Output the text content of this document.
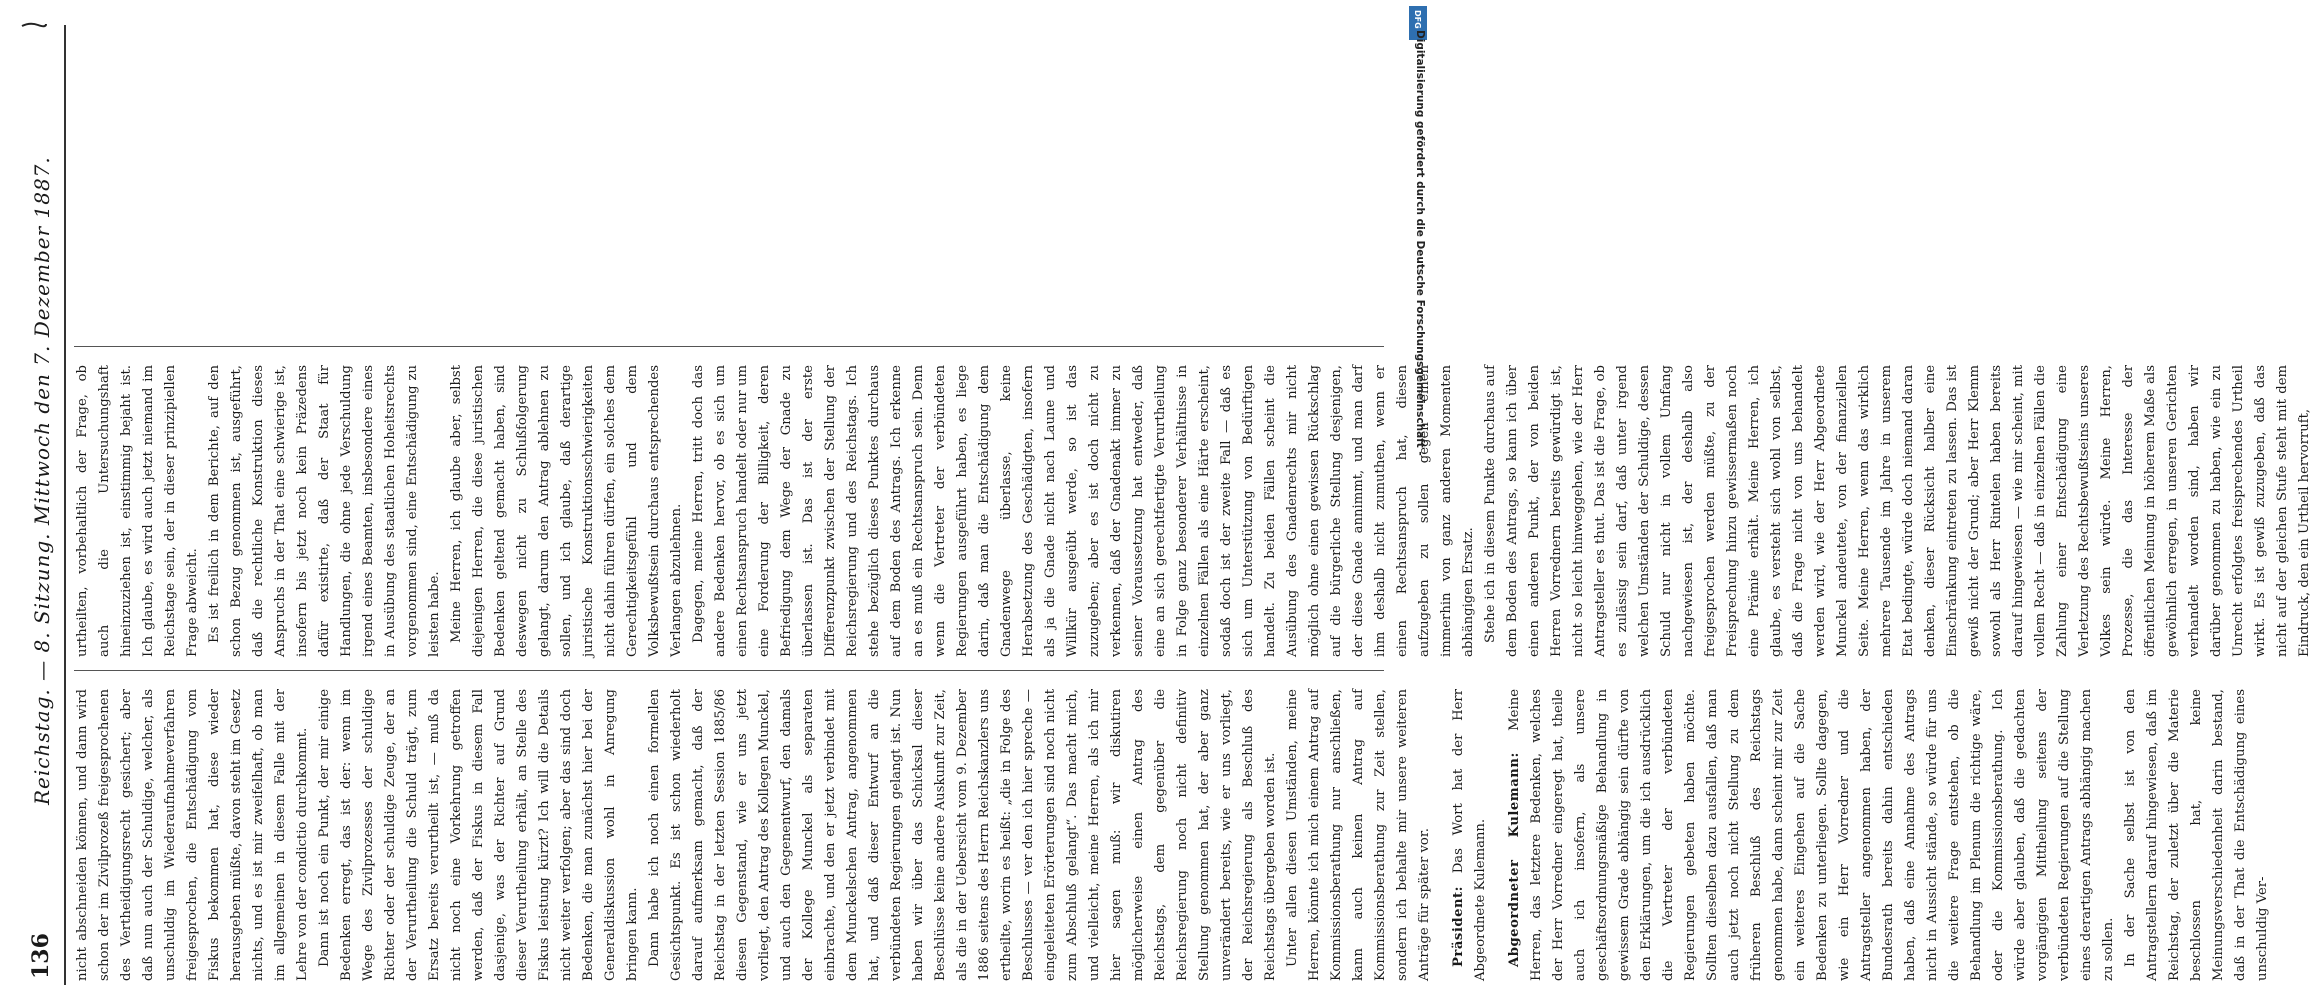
136
Reichstag. — 8. Sitzung. Mittwoch den 7. Dezember 1887.

nicht abschneiden können, und dann wird schon der im Zivilprozeß freigesprochenen des Vertheidigungsrecht gesichert; aber daß nun auch der Schuldige, welcher, als unschuldig im Wiederaufnahmeverfahren freigesprochen, die Entschädigung vom Fiskus bekommen hat, diese wieder herausgeben müßte, davon steht im Gesetz nichts, und es ist mir zweifelhaft, ob man im allgemeinen in diesem Falle mit der Lehre von der condictio durchkommt. Dann ist noch ein Punkt, der mir einige Bedenken erregt, das ist der: wenn im Wege des Zivilprozesses der schuldige Richter oder der schuldige Zeuge, der an der Verurtheilung die Schuld trägt, zum Ersatz bereits verurtheilt ist, — muß da nicht noch eine Vorkehrung getroffen werden, daß der Fiskus in diesem Fall dasjenige, was der Richter auf Grund dieser Verurtheilung erhält, an Stelle des Fiskus leistung kürzt? Ich will die Details nicht weiter verfolgen; aber das sind doch Bedenken, die man zunächst hier bei der Generaldiskussion wohl in Anregung bringen kann. Dann habe ich noch einen formellen Gesichtspunkt. Es ist schon wiederholt darauf aufmerksam gemacht, daß der Reichstag in der letzten Session 1885/86 diesen Gegenstand, wie er uns jetzt vorliegt, den Antrag des Kollegen Munckel, und auch den Gegenentwurf, den damals der Kollege Munckel als separaten einbrachte, und den er jetzt verbindet mit dem Munckelschen Antrag, angenommen hat, und daß dieser Entwurf an die verbündeten Regierungen gelangt ist. Nun haben wir über das Schicksal dieser Beschlüsse keine andere Auskunft zur Zeit, als die in der Uebersicht vom 9. Dezember 1886 seitens des Herrn Reichskanzlers uns ertheilte, worin es heißt: „die in Folge des Beschlusses — ver den ich hier spreche — eingeleiteten Erörterungen sind noch nicht zum Abschluß gelangt“. Das macht mich, und vielleicht, meine Herren, als ich mir hier sagen muß: wir diskutiren möglicherweise einen Antrag des Reichstags, dem gegenüber die Reichsregierung noch nicht definitiv Stellung genommen hat, der aber ganz unverändert bereits, wie er uns vorliegt, der Reichsregierung als Beschluß des Reichstags übergeben worden ist. Unter allen diesen Umständen, meine Herren, könnte ich mich einem Antrag auf Kommissionsberathung nur anschließen, kann auch keinen Antrag auf Kommissionsberathung zur Zeit stellen, sondern ich behalte mir unsere weiteren Anträge für später vor.	Präsident: Das Wort hat der Herr Abgeordnete Kulemann.	Abgeordneter Kulemann: Meine Herren, das letztere Bedenken, welches der Herr Vorredner eingeregt hat, theile auch ich insofern, als unsere geschäftsordnungsmäßige Behandlung in gewissem Grade abhängig sein dürfte von den Erklärungen, um die ich ausdrücklich die Vertreter der verbündeten Regierungen gebeten haben möchte. Sollten dieselben dazu ausfallen, daß man auch jetzt noch nicht Stellung zu dem früheren Beschluß des Reichstags genommen habe, dann scheint mir zur Zeit ein weiteres Eingehen auf die Sache Bedenken zu unterliegen. Sollte dagegen, wie ein Herr Vorredner und die Antragsteller angenommen haben, der Bundesrath bereits dahin entschieden haben, daß eine Annahme des Antrags nicht in Aussicht stände, so würde für uns die weitere Frage entstehen, ob die Behandlung im Plenum die richtige wäre, oder die Kommissionsberathung. Ich würde aber glauben, daß die gedachten vorgängigen Mittheilung seitens der verbündeten Regierungen auf die Stellung eines derartigen Antrags abhängig machen zu sollen. In der Sache selbst ist von den Antragstellern darauf hingewiesen, daß im Reichstag, der zuletzt über die Materie beschlossen hat, keine Meinungsverschiedenheit darin bestand, daß in der That die Entschädigung eines unschuldig Ver-

urtheilten, vorbehaltlich der Frage, ob auch die Untersuchungshaft hineinzuziehen ist, einstimmig bejaht ist. Ich glaube, es wird auch jetzt niemand im Reichstage sein, der in dieser prinzipiellen Frage abweicht. Es ist freilich in dem Berichte, auf den schon Bezug genommen ist, ausgeführt, daß die rechtliche Konstruktion dieses Anspruchs in der That eine schwierige ist, insofern bis jetzt noch kein Präzedens dafür existirte, daß der Staat für Handlungen, die ohne jede Verschuldung irgend eines Beamten, insbesondere eines in Ausübung des staatlichen Hoheitsrechts vorgenommen sind, eine Entschädigung zu leisten habe. Meine Herren, ich glaube aber, selbst diejenigen Herren, die diese juristischen Bedenken geltend gemacht haben, sind deswegen nicht zu Schlußfolgerung gelangt, darum den Antrag ablehnen zu sollen, und ich glaube, daß derartige juristische Konstruktionsschwierigkeiten nicht dahin führen dürfen, ein solches dem Gerechtigkeitsgefühl und dem Volksbewußtsein durchaus entsprechendes Verlangen abzulehnen. Dagegen, meine Herren, tritt doch das andere Bedenken hervor, ob es sich um einen Rechtsanspruch handelt oder nur um eine Forderung der Billigkeit, deren Befriedigung dem Wege der Gnade zu überlassen ist. Das ist der erste Differenzpunkt zwischen der Stellung der Reichsregierung und des Reichstags. Ich stehe bezüglich dieses Punktes durchaus auf dem Boden des Antrags. Ich erkenne an es muß ein Rechtsanspruch sein. Denn wenn die Vertreter der verbündeten Regierungen ausgeführt haben, es liege darin, daß man die Entschädigung dem Gnadenwege überlasse, keine Herabsetzung des Geschädigten, insofern als ja die Gnade nicht nach Laune und Willkür ausgeübt werde, so ist das zuzugeben; aber es ist doch nicht zu verkennen, daß der Gnadenakt immer zu seiner Voraussetzung hat entweder, daß eine an sich gerechtfertigte Verurtheilung in Folge ganz besonderer Verhältnisse in einzelnen Fällen als eine Härte erscheint, sodaß doch ist der zweite Fall — daß es sich um Unterstützung von Bedürftigen handelt. Zu beiden Fällen scheint die Ausübung des Gnadenrechts mir nicht möglich ohne einen gewissen Rückschlag auf die bürgerliche Stellung desjenigen, der diese Gnade annimmt, und man darf ihm deshalb nicht zumuthen, wenn er einen Rechtsanspruch hat, diesen aufzugeben zu sollen gegen einen immerhin von ganz anderen Momenten abhängigen Ersatz. Stehe ich in diesem Punkte durchaus auf dem Boden des Antrags, so kann ich über einen anderen Punkt, der von beiden Herren Vorrednern bereits gewürdigt ist, nicht so leicht hinweggehen, wie der Herr Antragsteller es thut. Das ist die Frage, ob es zulässig sein darf, daß unter irgend welchen Umständen der Schuldige, dessen Schuld nur nicht in vollem Umfang nachgewiesen ist, der deshalb also freigesprochen werden müßte, zu der Freisprechung hinzu gewissermaßen noch eine Prämie erhält. Meine Herren, ich glaube, es versteht sich wohl von selbst, daß die Frage nicht von uns behandelt werden wird, wie der Herr Abgeordnete Munckel andeutete, von der finanziellen Seite. Meine Herren, wenn das wirklich mehrere Tausende im Jahre in unserem Etat bedingte, würde doch niemand daran denken, dieser Rücksicht halber eine Einschränkung eintreten zu lassen. Das ist gewiß nicht der Grund; aber Herr Klemm sowohl als Herr Rintelen haben bereits darauf hingewiesen — wie mir scheint, mit vollem Recht — daß in einzelnen Fällen die Zahlung einer Entschädigung eine Verletzung des Rechtsbewußtseins unseres Volkes sein würde. Meine Herren, Prozesse, die das Interesse der öffentlichen Meinung in höherem Maße als gewöhnlich erregen, in unseren Gerichten verhandelt worden sind, haben wir darüber genommen zu haben, wie ein zu Unrecht erfolgtes freisprechendes Urtheil wirkt. Es ist gewiß zuzugeben, daß das nicht auf der gleichen Stufe steht mit dem Eindruck, den ein Urtheil hervorruft,

DFG
Digitalisierung gefördert durch die Deutsche Forschungsgemeinschaft -
